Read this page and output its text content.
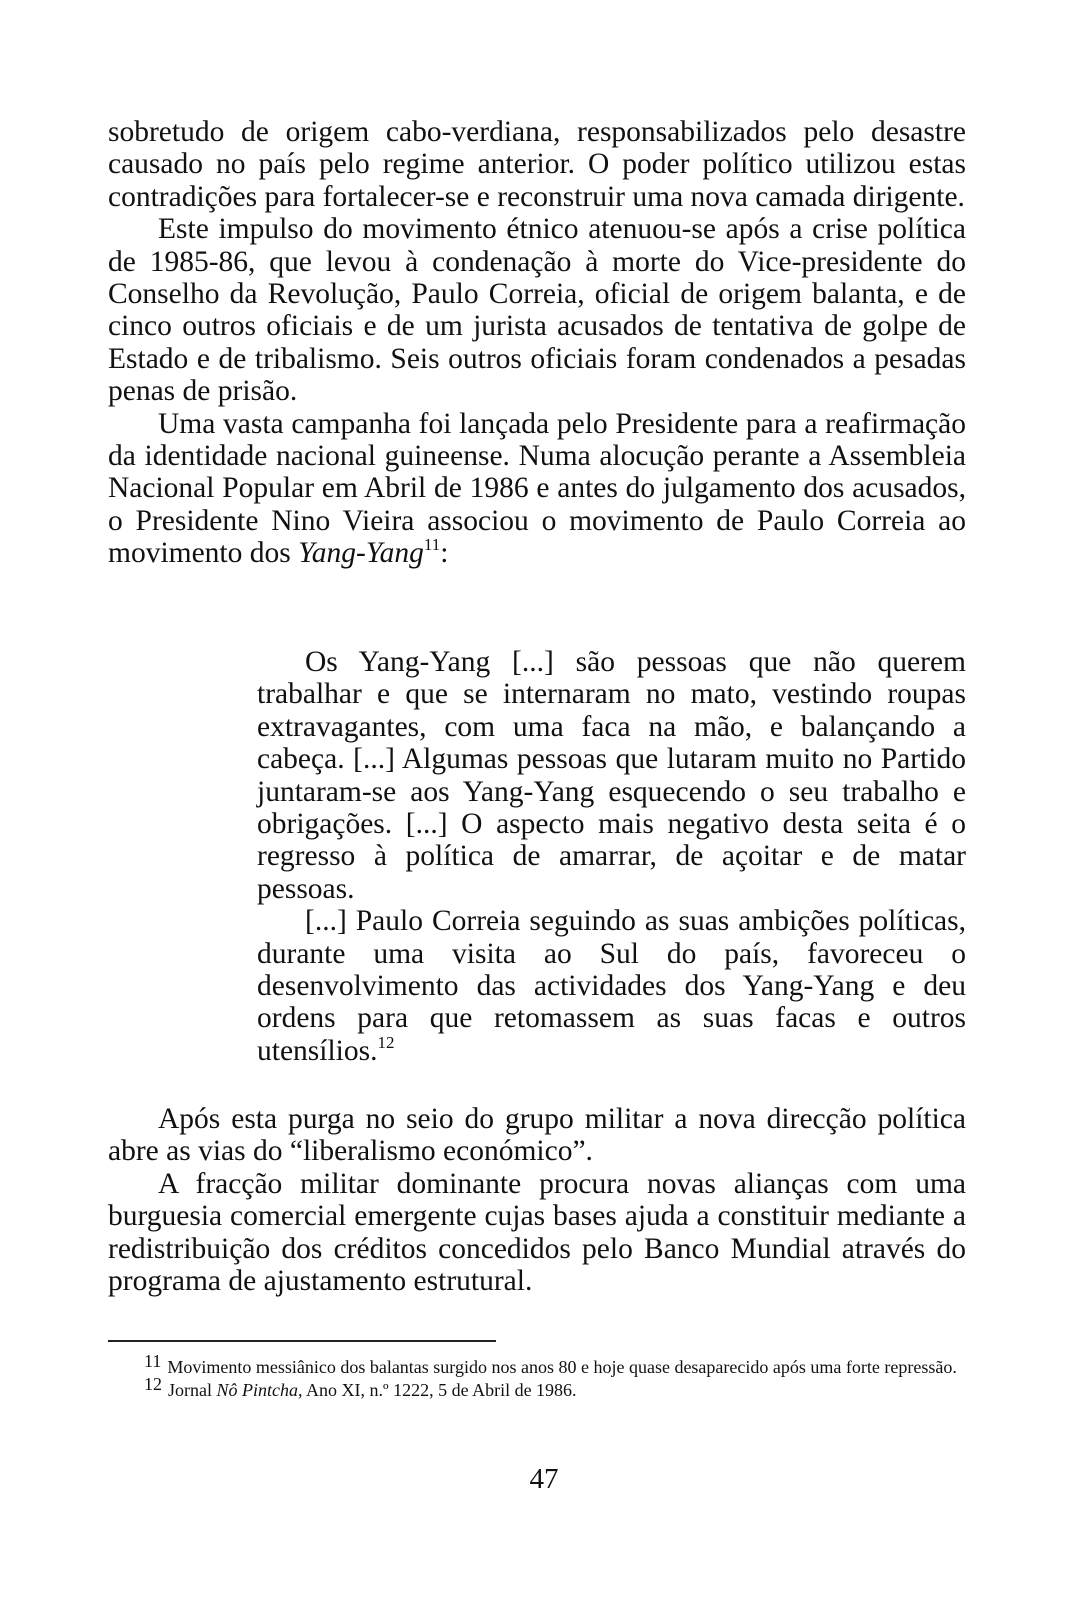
sobretudo de origem cabo-verdiana, responsabilizados pelo desastre causado no país pelo regime anterior. O poder político utilizou estas contradições para fortalecer-se e reconstruir uma nova camada dirigente.

Este impulso do movimento étnico atenuou-se após a crise política de 1985-86, que levou à condenação à morte do Vice-presidente do Conselho da Revolução, Paulo Correia, oficial de origem balanta, e de cinco outros oficiais e de um jurista acusados de tentativa de golpe de Estado e de tribalismo. Seis outros oficiais foram condenados a pesadas penas de prisão.

Uma vasta campanha foi lançada pelo Presidente para a reafirmação da identidade nacional guineense. Numa alocução perante a Assembleia Nacional Popular em Abril de 1986 e antes do julgamento dos acusados, o Presidente Nino Vieira associou o movimento de Paulo Correia ao movimento dos Yang-Yang$^{11}$:

Os Yang-Yang [...] são pessoas que não querem trabalhar e que se internaram no mato, vestindo roupas extravagantes, com uma faca na mão, e balançando a cabeça. [...] Algumas pessoas que lutaram muito no Partido juntaram-se aos Yang-Yang esquecendo o seu trabalho e obrigações. [...] O aspecto mais negativo desta seita é o regresso à política de amarrar, de açoitar e de matar pessoas.

[...] Paulo Correia seguindo as suas ambições políticas, durante uma visita ao Sul do país, favoreceu o desenvolvimento das actividades dos Yang-Yang e deu ordens para que retomassem as suas facas e outros utensílios.$^{12}$

Após esta purga no seio do grupo militar a nova direcção política abre as vias do “liberalismo económico”.

A fracção militar dominante procura novas alianças com uma burguesia comercial emergente cujas bases ajuda a constituir mediante a redistribuição dos créditos concedidos pelo Banco Mundial através do programa de ajustamento estrutural.

11 Movimento messiânico dos balantas surgido nos anos 80 e hoje quase desaparecido após uma forte repressão.

12 Jornal Nô Pintcha, Ano XI, n.º 1222, 5 de Abril de 1986.

47
